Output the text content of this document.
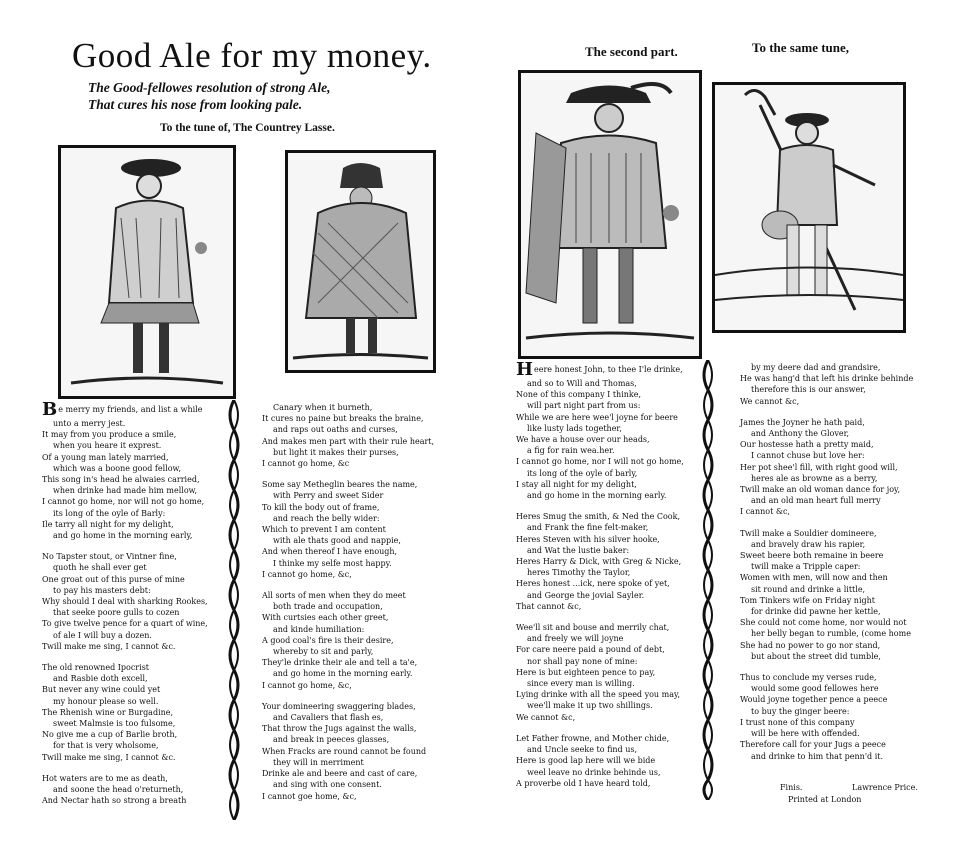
Good Ale for my money.
The Good-fellowes resolution of strong Ale,
That cures his nose from looking pale.
To the tune of, The Countrey Lasse.
Be merry my friends, and list a while
unto a merry jest.
It may from you produce a smile,
when you heare it exprest.
Of a young man lately married,
which was a boone good fellow,
This song in's head he alwaies carried,
when drinke had made him mellow,
I cannot go home, nor will not go home,
its long of the oyle of Barly:
Ile tarry all night for my delight,
and go home in the morning early,
No Tapster stout, or Vintner fine,
quoth he shall ever get
One groat out of this purse of mine
to pay his masters debt:
Why should I deal with sharking Rookes,
that seeke poore gulls to cozen
To give twelve pence for a quart of wine,
of ale I will buy a dozen.
Twill make me sing, I cannot &c.
The old renowned Ipocrist
and Rasbie doth excell,
But never any wine could yet
my honour please so well.
The Rhenish wine or Burgadine,
sweet Malmsie is too fulsome,
No give me a cup of Barlie broth,
for that is very wholsome,
Twill make me sing, I cannot &c.
Hot waters are to me as death,
and soone the head o'returneth,
And Nectar hath so strong a breath
Canary when it burneth,
It cures no paine but breaks the braine,
and raps out oaths and curses,
And makes men part with their rule heart,
but light it makes their purses,
I cannot go home, &c
Some say Metheglin beares the name,
with Perry and sweet Sider
To kill the body out of frame,
and reach the belly wider:
Which to prevent I am content
with ale thats good and nappie,
And when thereof I have enough,
I thinke my selfe most happy.
I cannot go home, &c,
All sorts of men when they do meet
both trade and occupation,
With curtsies each other greet,
and kinde humiliation:
A good coal's fire is their desire,
whereby to sit and parly,
They'le drinke their ale and tell a ta'e,
and go home in the morning early.
I cannot go home, &c,
Your domineering swaggering blades,
and Cavaliers that flash es,
That throw the Jugs against the walls,
and break in peeces glasses,
When Fracks are round cannot be found
they will in merriment
Drinke ale and beere and cast of care,
and sing with one consent.
I cannot goe home, &c,
The second part.	To the same tune,
Heere honest John, to thee I'le drinke,
and so to Will and Thomas,
None of this company I thinke,
will part night part from us:
While we are here wee'l joyne for beere
like lusty lads together,
We have a house over our heads,
a fig for rain wea.her.
I cannot go home, nor I will not go home,
its long of the oyle of barly,
I stay all night for my delight,
and go home in the morning early.
Heres Smug the smith, & Ned the Cook,
and Frank the fine felt-maker,
Heres Steven with his silver hooke,
and Wat the lustie baker:
Heres Harry & Dick, with Greg & Nicke,
heres Timothy the Taylor,
Heres honest ...ick, nere spoke of yet,
and George the jovial Sayler.
That cannot &c,
Wee'll sit and bouse and merrily chat,
and freely we will joyne
For care neere paid a pound of debt,
nor shall pay none of mine:
Here is but eighteen pence to pay,
since every man is willing.
Lying drinke with all the speed you may,
wee'll make it up two shillings.
We cannot &c,
Let Father frowne, and Mother chide,
and Uncle seeke to find us,
Here is good lap here will we bide
weel leave no drinke behinde us,
A proverbe old I have heard told,
by my deere dad and grandsire,
He was hang'd that left his drinke behinde
therefore this is our answer,
We cannot &c,
James the Joyner he hath paid,
and Anthony the Glover,
Our hostesse hath a pretty maid,
I cannot chuse but love her:
Her pot shee'l fill, with right good will,
heres ale as browne as a berry,
Twill make an old woman dance for joy,
and an old man heart full merry
I cannot &c,
Twill make a Souldier domineere,
and bravely draw his rapier,
Sweet beere both remaine in beere
twill make a Tripple caper:
Women with men, will now and then
sit round and drinke a little,
Tom Tinkers wife on Friday night
for drinke did pawne her kettle,
She could not come home, nor would not
her belly began to rumble, (come home
She had no power to go nor stand,
but about the street did tumble,
Thus to conclude my verses rude,
would some good fellowes here
Would joyne together pence a peece
to buy the ginger beere:
I trust none of this company
will be here with offended.
Therefore call for your Jugs a peece
and drinke to him that penn'd it.
Finis.	Lawrence Price.
Printed at London
